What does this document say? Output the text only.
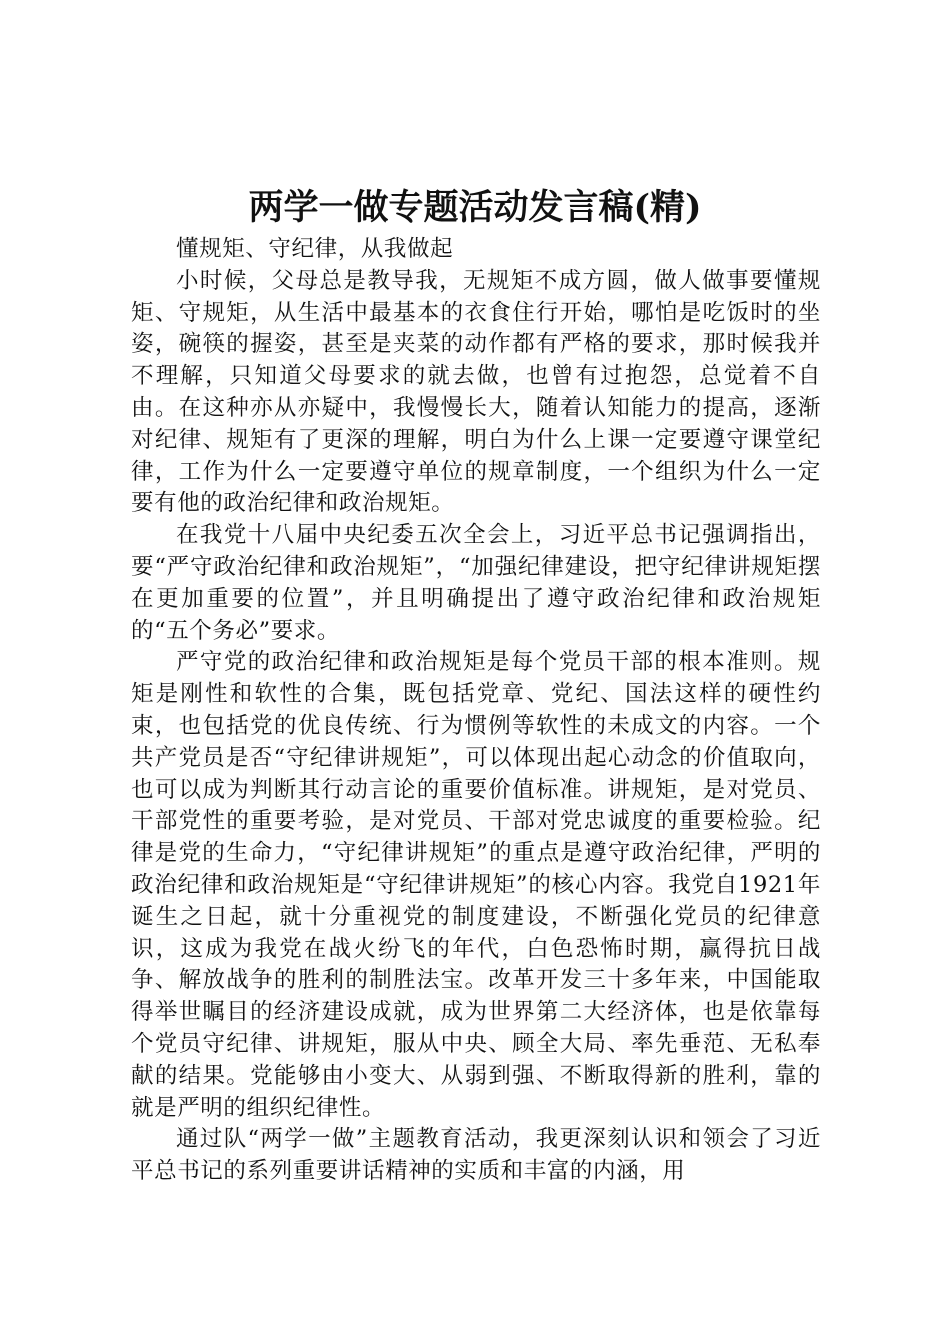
两学一做专题活动发言稿(精)

懂规矩、守纪律，从我做起

小时候，父母总是教导我，无规矩不成方圆，做人做事要懂规矩、守规矩，从生活中最基本的衣食住行开始，哪怕是吃饭时的坐姿，碗筷的握姿，甚至是夹菜的动作都有严格的要求，那时候我并不理解，只知道父母要求的就去做，也曾有过抱怨，总觉着不自由。在这种亦从亦疑中，我慢慢长大，随着认知能力的提高，逐渐对纪律、规矩有了更深的理解，明白为什么上课一定要遵守课堂纪律，工作为什么一定要遵守单位的规章制度，一个组织为什么一定要有他的政治纪律和政治规矩。

在我党十八届中央纪委五次全会上，习近平总书记强调指出，要“严守政治纪律和政治规矩”，“加强纪律建设，把守纪律讲规矩摆在更加重要的位置”，并且明确提出了遵守政治纪律和政治规矩的“五个务必”要求。

严守党的政治纪律和政治规矩是每个党员干部的根本准则。规矩是刚性和软性的合集，既包括党章、党纪、国法这样的硬性约束，也包括党的优良传统、行为惯例等软性的未成文的内容。一个共产党员是否“守纪律讲规矩”，可以体现出起心动念的价值取向，也可以成为判断其行动言论的重要价值标准。讲规矩，是对党员、干部党性的重要考验，是对党员、干部对党忠诚度的重要检验。纪律是党的生命力，“守纪律讲规矩”的重点是遵守政治纪律，严明的政治纪律和政治规矩是“守纪律讲规矩”的核心内容。我党自1921年诞生之日起，就十分重视党的制度建设，不断强化党员的纪律意识，这成为我党在战火纷飞的年代，白色恐怖时期，赢得抗日战争、解放战争的胜利的制胜法宝。改革开发三十多年来，中国能取得举世瞩目的经济建设成就，成为世界第二大经济体，也是依靠每个党员守纪律、讲规矩，服从中央、顾全大局、率先垂范、无私奉献的结果。党能够由小变大、从弱到强、不断取得新的胜利，靠的就是严明的组织纪律性。

通过队“两学一做”主题教育活动，我更深刻认识和领会了习近平总书记的系列重要讲话精神的实质和丰富的内涵，用
